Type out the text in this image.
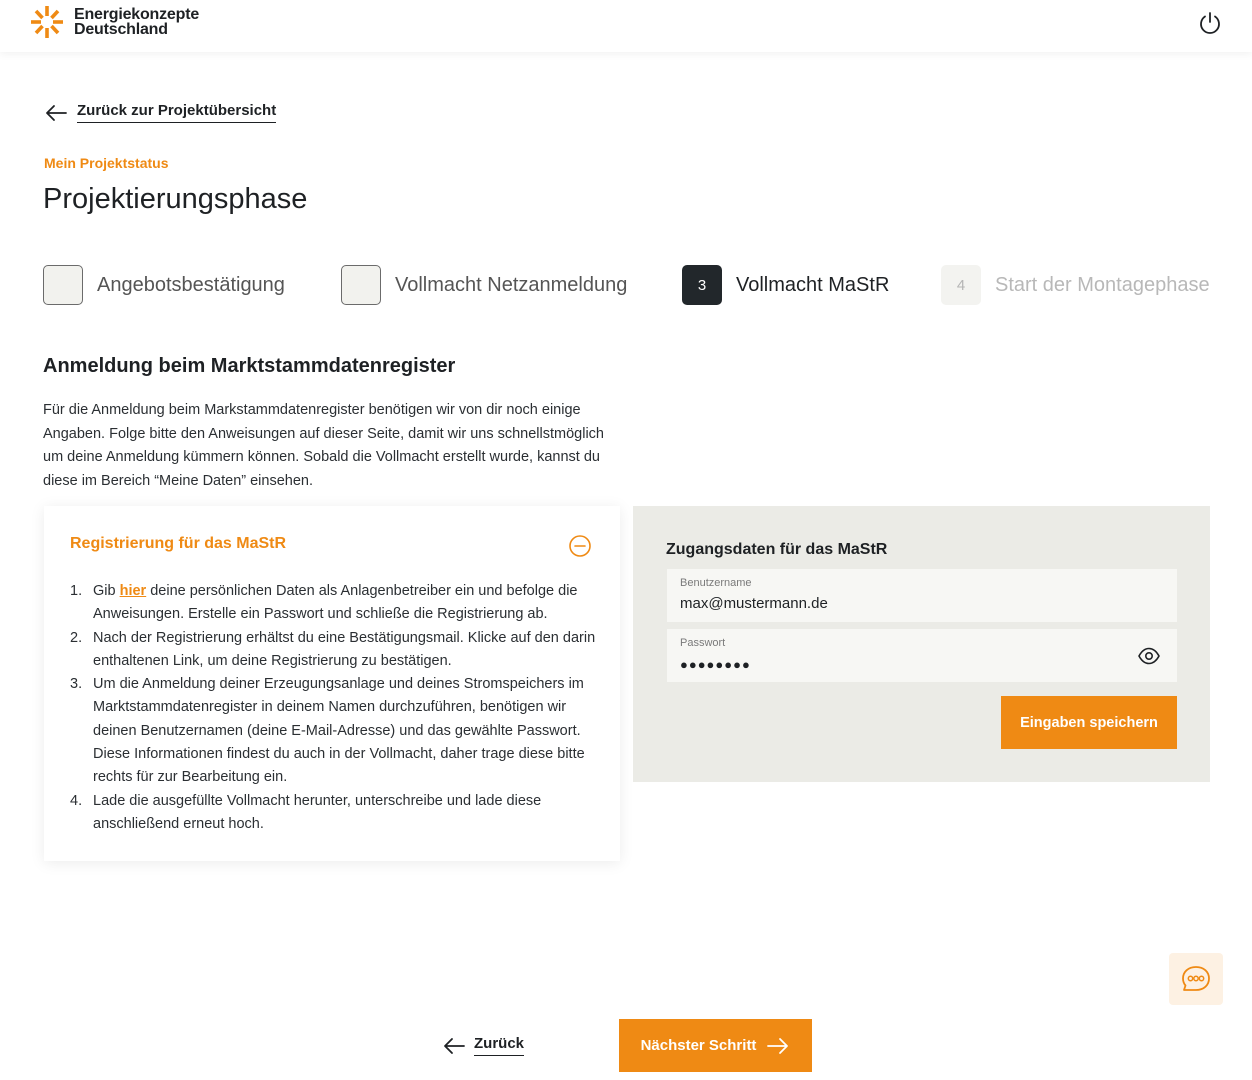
Energiekonzepte
Deutschland
Zurück zur Projektübersicht
Mein Projektstatus
Projektierungsphase
Angebotsbestätigung	Vollmacht Netzanmeldung	3	Vollmacht MaStR	4	Start der Montagephase
Anmeldung beim Marktstammdatenregister

Für die Anmeldung beim Markstammdatenregister benötigen wir von dir noch einige Angaben. Folge bitte den Anweisungen auf dieser Seite, damit wir uns schnellstmöglich um deine Anmeldung kümmern können. Sobald die Vollmacht erstellt wurde, kannst du diese im Bereich “Meine Daten” einsehen.

Registrierung für das MaStR
1. Gib hier deine persönlichen Daten als Anlagenbetreiber ein und befolge die Anweisungen. Erstelle ein Passwort und schließe die Registrierung ab.
2. Nach der Registrierung erhältst du eine Bestätigungsmail. Klicke auf den darin enthaltenen Link, um deine Registrierung zu bestätigen.
3. Um die Anmeldung deiner Erzeugungsanlage und deines Stromspeichers im Marktstammdatenregister in deinem Namen durchzuführen, benötigen wir deinen Benutzernamen (deine E-Mail-Adresse) und das gewählte Passwort. Diese Informationen findest du auch in der Vollmacht, daher trage diese bitte rechts für zur Bearbeitung ein.
4. Lade die ausgefüllte Vollmacht herunter, unterschreibe und lade diese anschließend erneut hoch.
Zugangsdaten für das MaStR
Benutzername
max@mustermann.de
Passwort
●●●●●●●●
Eingaben speichern
Zurück	Nächster Schritt
